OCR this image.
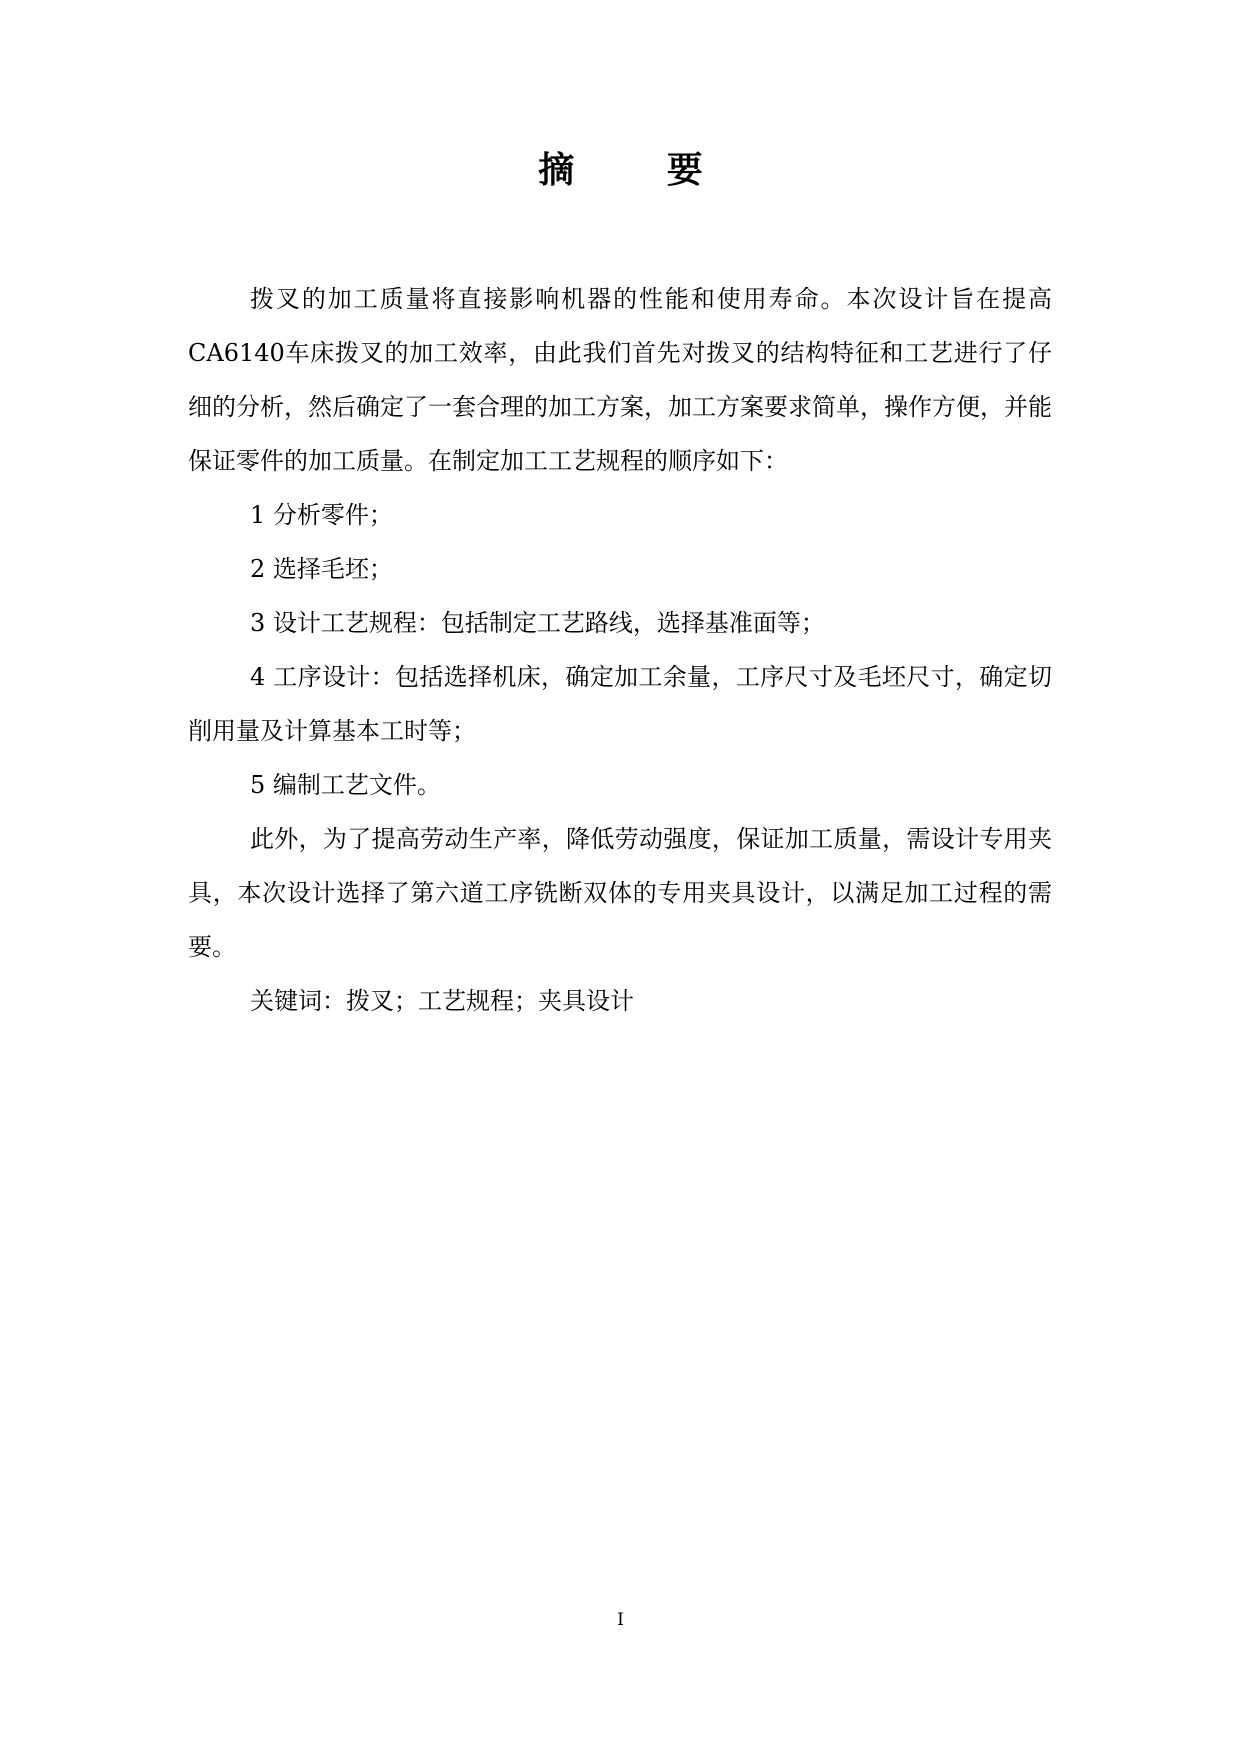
摘 要

拨叉的加工质量将直接影响机器的性能和使用寿命。本次设计旨在提高CA6140车床拨叉的加工效率，由此我们首先对拨叉的结构特征和工艺进行了仔细的分析，然后确定了一套合理的加工方案，加工方案要求简单，操作方便，并能保证零件的加工质量。在制定加工工艺规程的顺序如下：

1 分析零件；

2 选择毛坯；

3 设计工艺规程：包括制定工艺路线，选择基准面等；

4 工序设计：包括选择机床，确定加工余量，工序尺寸及毛坯尺寸，确定切削用量及计算基本工时等；

5 编制工艺文件。

此外，为了提高劳动生产率，降低劳动强度，保证加工质量，需设计专用夹具，本次设计选择了第六道工序铣断双体的专用夹具设计，以满足加工过程的需要。

关键词：拨叉；工艺规程；夹具设计

I
